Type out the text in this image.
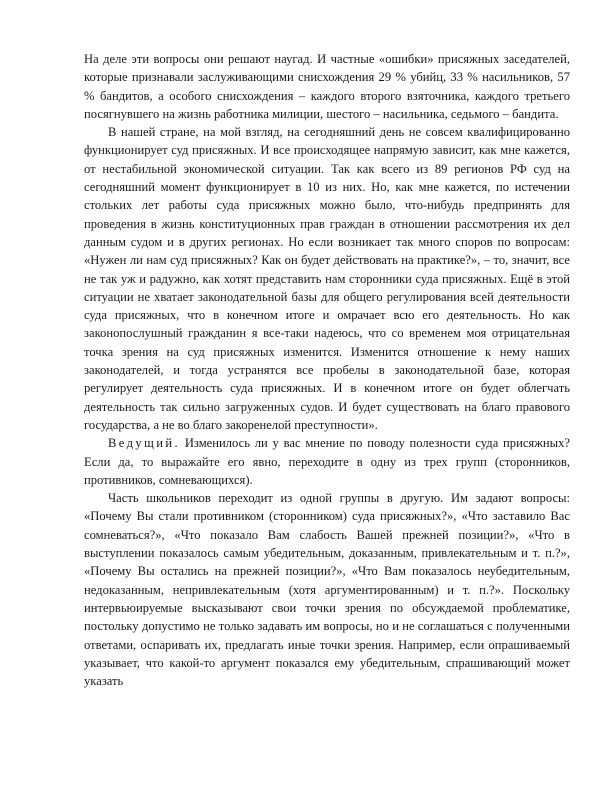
На деле эти вопросы они решают наугад. И частные «ошибки» присяжных заседателей, которые признавали заслуживающими снисхождения 29 % убийц, 33 % насильников, 57 % бандитов, а особого снисхождения – каждого второго взяточника, каждого третьего посягнувшего на жизнь работника милиции, шестого – насильника, седьмого – бандита.

В нашей стране, на мой взгляд, на сегодняшний день не совсем квалифицированно функционирует суд присяжных. И все происходящее напрямую зависит, как мне кажется, от нестабильной экономической ситуации. Так как всего из 89 регионов РФ суд на сегодняшний момент функционирует в 10 из них. Но, как мне кажется, по истечении стольких лет работы суда присяжных можно было, что-нибудь предпринять для проведения в жизнь конституционных прав граждан в отношении рассмотрения их дел данным судом и в других регионах. Но если возникает так много споров по вопросам: «Нужен ли нам суд присяжных? Как он будет действовать на практике?», – то, значит, все не так уж и радужно, как хотят представить нам сторонники суда присяжных. Ещё в этой ситуации не хватает законодательной базы для общего регулирования всей деятельности суда присяжных, что в конечном итоге и омрачает всю его деятельность. Но как законопослушный гражданин я все-таки надеюсь, что со временем моя отрицательная точка зрения на суд присяжных изменится. Изменится отношение к нему наших законодателей, и тогда устранятся все пробелы в законодательной базе, которая регулирует деятельность суда присяжных. И в конечном итоге он будет облегчать деятельность так сильно загруженных судов. И будет существовать на благо правового государства, а не во благо закоренелой преступности».

Ведущий. Изменилось ли у вас мнение по поводу полезности суда присяжных? Если да, то выражайте его явно, переходите в одну из трех групп (сторонников, противников, сомневающихся).

Часть школьников переходит из одной группы в другую. Им задают вопросы: «Почему Вы стали противником (сторонником) суда присяжных?», «Что заставило Вас сомневаться?», «Что показало Вам слабость Вашей прежней позиции?», «Что в выступлении показалось самым убедительным, доказанным, привлекательным и т. п.?», «Почему Вы остались на прежней позиции?», «Что Вам показалось неубедительным, недоказанным, непривлекательным (хотя аргументированным) и т. п.?». Поскольку интервьюируемые высказывают свои точки зрения по обсуждаемой проблематике, постольку допустимо не только задавать им вопросы, но и не соглашаться с полученными ответами, оспаривать их, предлагать иные точки зрения. Например, если опрашиваемый указывает, что какой-то аргумент показался ему убедительным, спрашивающий может указать
